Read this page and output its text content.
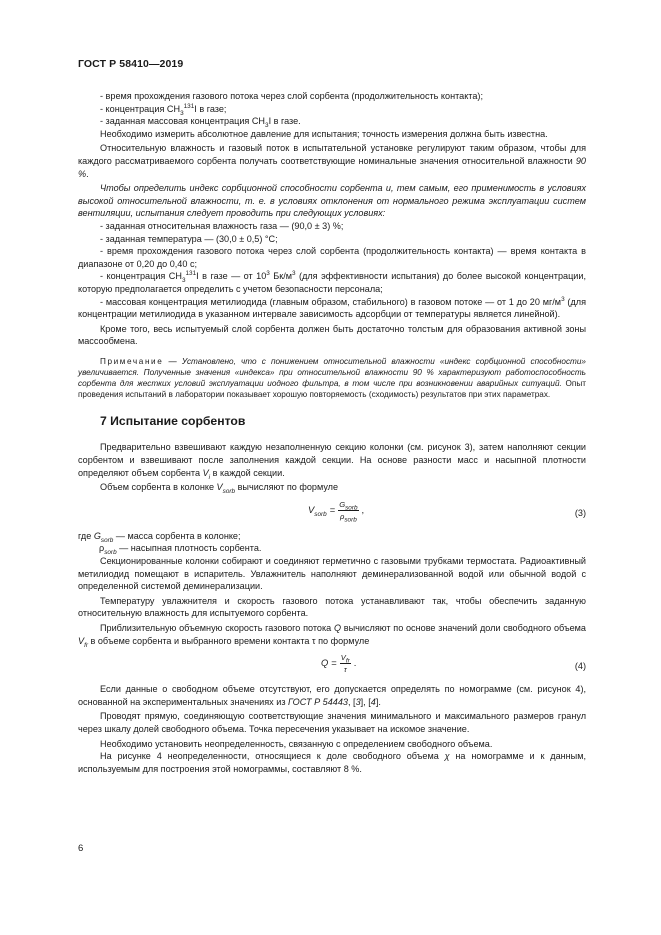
ГОСТ Р 58410—2019

- время прохождения газового потока через слой сорбента (продолжительность контакта);

- концентрация $CH_3^{131}I$ в газе;

- заданная массовая концентрация $CH_3I$ в газе.

Необходимо измерить абсолютное давление для испытания; точность измерения должна быть известна.

Относительную влажность и газовый поток в испытательной установке регулируют таким образом, чтобы для каждого рассматриваемого сорбента получать соответствующие номинальные значения относительной влажности 90 %.

Чтобы определить индекс сорбционной способности сорбента и, тем самым, его применимость в условиях высокой относительной влажности, т. е. в условиях отклонения от нормального режима эксплуатации систем вентиляции, испытания следует проводить при следующих условиях:

- заданная относительная влажность газа — (90,0 ± 3) %;

- заданная температура — (30,0 ± 0,5) °C;

- время прохождения газового потока через слой сорбента (продолжительность контакта) — время контакта в диапазоне от 0,20 до 0,40 с;

- концентрация $CH_3^{131}I$ в газе — от $10^3$ $Бк/м^3$ (для эффективности испытания) до более высокой концентрации, которую предполагается определить с учетом безопасности персонала;

- массовая концентрация метилиодида (главным образом, стабильного) в газовом потоке — от 1 до 20 $мг/м^3$ (для концентрации метилиодида в указанном интервале зависимость адсорбции от температуры является линейной).

Кроме того, весь испытуемый слой сорбента должен быть достаточно толстым для образования активной зоны массообмена.

Примечание — Установлено, что с понижением относительной влажности «индекс сорбционной способности» увеличивается. Полученные значения «индекса» при относительной влажности 90 % характеризуют работоспособность сорбента для жестких условий эксплуатации иодного фильтра, в том числе при возникновении аварийных ситуаций. Опыт проведения испытаний в лаборатории показывает хорошую повторяемость (сходимость) результатов при этих параметрах.

7 Испытание сорбентов

Предварительно взвешивают каждую незаполненную секцию колонки (см. рисунок 3), затем наполняют секции сорбентом и взвешивают после заполнения каждой секции. На основе разности масс и насыпной плотности определяют объем сорбента $V_i$ в каждой секции.

Объем сорбента в колонке $V_{sorb}$ вычисляют по формуле

$V_{sorb} = \frac{G_{sorb}}{\rho_{sorb}}$ ,	(3)

где $G_{sorb}$ — масса сорбента в колонке;

$\rho_{sorb}$ — насыпная плотность сорбента.

Секционированные колонки собирают и соединяют герметично с газовыми трубками термостата. Радиоактивный метилиодид помещают в испаритель. Увлажнитель наполняют деминерализованной водой или обычной водой с определенной системой деминерализации.

Температуру увлажнителя и скорость газового потока устанавливают так, чтобы обеспечить заданную относительную влажность для испытуемого сорбента.

Приблизительную объемную скорость газового потока Q вычисляют по основе значений доли свободного объема $V_{fr}$ в объеме сорбента и выбранного времени контакта τ по формуле

$Q = \frac{V_{fr}}{\tau}$ .	(4)

Если данные о свободном объеме отсутствуют, его допускается определять по номограмме (см. рисунок 4), основанной на экспериментальных значениях из ГОСТ Р 54443, [3], [4].

Проводят прямую, соединяющую соответствующие значения минимального и максимального размеров гранул через шкалу долей свободного объема. Точка пересечения указывает на искомое значение.

Необходимо установить неопределенность, связанную с определением свободного объема.

На рисунке 4 неопределенности, относящиеся к доле свободного объема χ на номограмме и к данным, используемым для построения этой номограммы, составляют 8 %.

6
